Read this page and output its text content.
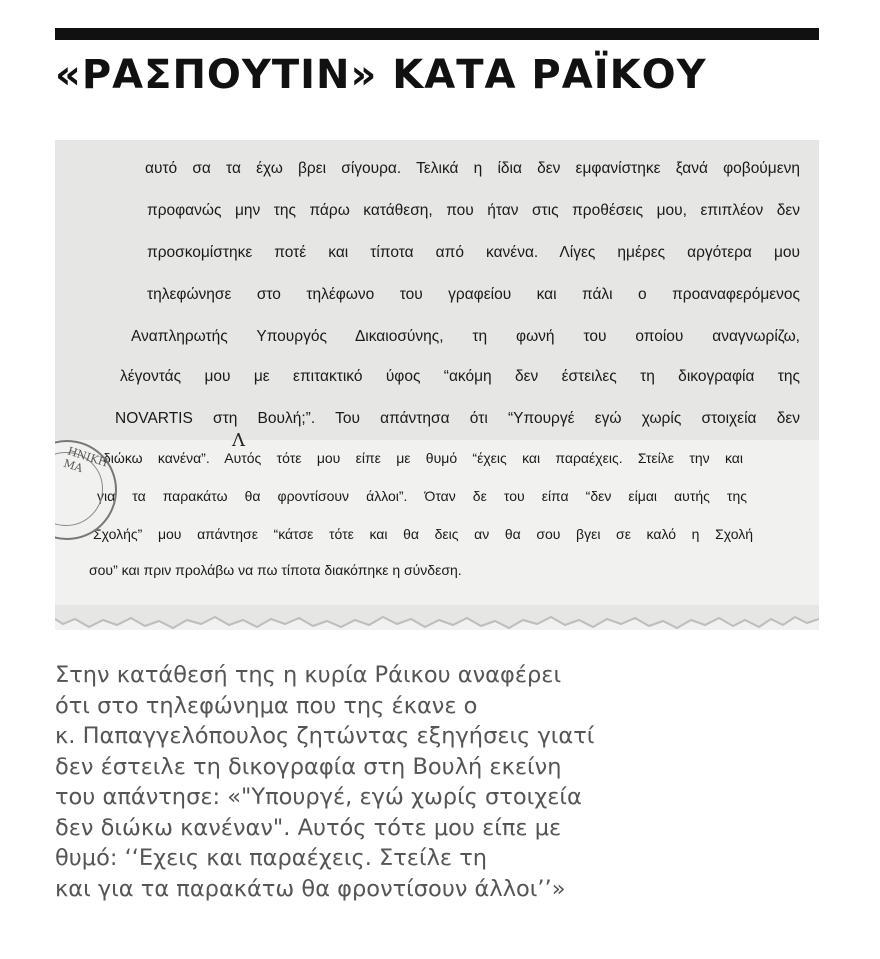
«ΡΑΣΠΟΥΤΙΝ» ΚΑΤΑ ΡΑΪΚΟΥ
αυτό σα τα έχω βρει σίγουρα. Τελικά η ίδια δεν εμφανίστηκε ξανά φοβούμενη
προφανώς μην της πάρω κατάθεση, που ήταν στις προθέσεις μου, επιπλέον δεν
προσκομίστηκε ποτέ και τίποτα από κανένα. Λίγες ημέρες αργότερα μου
τηλεφώνησε στο τηλέφωνο του γραφείου και πάλι ο προαναφερόμενος
Αναπληρωτής Υπουργός Δικαιοσύνης, τη φωνή του οποίου αναγνωρίζω,
λέγοντάς μου με επιτακτικό ύφος “ακόμη δεν έστειλες τη δικογραφία της
NOVARTIS στη Βουλή;”. Του απάντησα ότι “Υπουργέ εγώ χωρίς στοιχεία δεν
διώκω κανένα”. Αυτός τότε μου είπε με θυμό “έχεις και παραέχεις. Στείλε την και
για τα παρακάτω θα φροντίσουν άλλοι”. Όταν δε του είπα “δεν είμαι αυτής της
Σχολής” μου απάντησε “κάτσε τότε και θα δεις αν θα σου βγει σε καλό η Σχολή
σου” και πριν προλάβω να πω τίποτα διακόπηκε η σύνδεση.
Λ
ΗΝΙΚΗ ΜΑ
Στην κατάθεσή της η κυρία Ράικου αναφέρει
ότι στο τηλεφώνημα που της έκανε ο
κ. Παπαγγελόπουλος ζητώντας εξηγήσεις γιατί
δεν έστειλε τη δικογραφία στη Βουλή εκείνη
του απάντησε: «"Υπουργέ, εγώ χωρίς στοιχεία
δεν διώκω κανέναν". Αυτός τότε μου είπε με
θυμό: ‘‘Εχεις και παραέχεις. Στείλε τη
και για τα παρακάτω θα φροντίσουν άλλοι’’»
